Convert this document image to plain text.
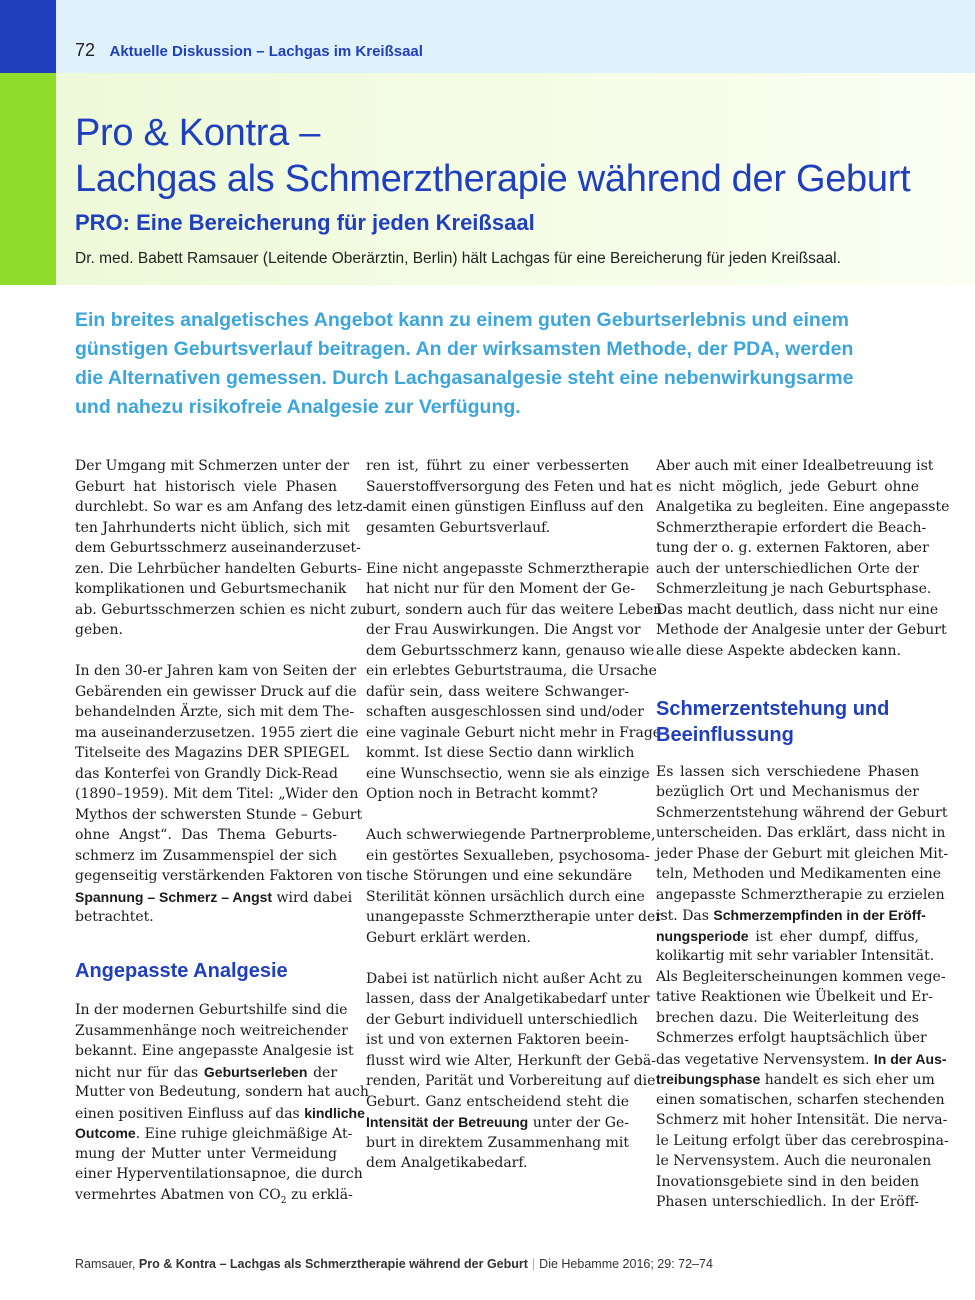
72 Aktuelle Diskussion – Lachgas im Kreißsaal
Pro & Kontra –
Lachgas als Schmerztherapie während der Geburt
PRO: Eine Bereicherung für jeden Kreißsaal
Dr. med. Babett Ramsauer (Leitende Oberärztin, Berlin) hält Lachgas für eine Bereicherung für jeden Kreißsaal.
Ein breites analgetisches Angebot kann zu einem guten Geburtserlebnis und einem
günstigen Geburtsverlauf beitragen. An der wirksamsten Methode, der PDA, werden
die Alternativen gemessen. Durch Lachgasanalgesie steht eine nebenwirkungsarme
und nahezu risikofreie Analgesie zur Verfügung.
Der Umgang mit Schmerzen unter der
Geburt hat historisch viele Phasen
durchlebt. So war es am Anfang des letz-
ten Jahrhunderts nicht üblich, sich mit
dem Geburtsschmerz auseinanderzuset-
zen. Die Lehrbücher handelten Geburts-
komplikationen und Geburtsmechanik
ab. Geburtsschmerzen schien es nicht zu
geben.
In den 30-er Jahren kam von Seiten der
Gebärenden ein gewisser Druck auf die
behandelnden Ärzte, sich mit dem The-
ma auseinanderzusetzen. 1955 ziert die
Titelseite des Magazins DER SPIEGEL
das Konterfei von Grandly Dick-Read
(1890–1959). Mit dem Titel: „Wider den
Mythos der schwersten Stunde – Geburt
ohne Angst“. Das Thema Geburts-
schmerz im Zusammenspiel der sich
gegenseitig verstärkenden Faktoren von
Spannung – Schmerz – Angst wird dabei
betrachtet.
Angepasste Analgesie
In der modernen Geburtshilfe sind die
Zusammenhänge noch weitreichender
bekannt. Eine angepasste Analgesie ist
nicht nur für das Geburtserleben der
Mutter von Bedeutung, sondern hat auch
einen positiven Einfluss auf das kindliche
Outcome. Eine ruhige gleichmäßige At-
mung der Mutter unter Vermeidung
einer Hyperventilationsapnoe, die durch
vermehrtes Abatmen von $CO_2$ zu erklä-
ren ist, führt zu einer verbesserten
Sauerstoffversorgung des Feten und hat
damit einen günstigen Einfluss auf den
gesamten Geburtsverlauf.
Eine nicht angepasste Schmerztherapie
hat nicht nur für den Moment der Ge-
burt, sondern auch für das weitere Leben
der Frau Auswirkungen. Die Angst vor
dem Geburtsschmerz kann, genauso wie
ein erlebtes Geburtstrauma, die Ursache
dafür sein, dass weitere Schwanger-
schaften ausgeschlossen sind und/oder
eine vaginale Geburt nicht mehr in Frage
kommt. Ist diese Sectio dann wirklich
eine Wunschsectio, wenn sie als einzige
Option noch in Betracht kommt?
Auch schwerwiegende Partnerprobleme,
ein gestörtes Sexualleben, psychosoma-
tische Störungen und eine sekundäre
Sterilität können ursächlich durch eine
unangepasste Schmerztherapie unter der
Geburt erklärt werden.
Dabei ist natürlich nicht außer Acht zu
lassen, dass der Analgetikabedarf unter
der Geburt individuell unterschiedlich
ist und von externen Faktoren beein-
flusst wird wie Alter, Herkunft der Gebä-
renden, Parität und Vorbereitung auf die
Geburt. Ganz entscheidend steht die
Intensität der Betreuung unter der Ge-
burt in direktem Zusammenhang mit
dem Analgetikabedarf.
Aber auch mit einer Idealbetreuung ist
es nicht möglich, jede Geburt ohne
Analgetika zu begleiten. Eine angepasste
Schmerztherapie erfordert die Beach-
tung der o. g. externen Faktoren, aber
auch der unterschiedlichen Orte der
Schmerzleitung je nach Geburtsphase.
Das macht deutlich, dass nicht nur eine
Methode der Analgesie unter der Geburt
alle diese Aspekte abdecken kann.
Schmerzentstehung und
Beeinflussung
Es lassen sich verschiedene Phasen
bezüglich Ort und Mechanismus der
Schmerzentstehung während der Geburt
unterscheiden. Das erklärt, dass nicht in
jeder Phase der Geburt mit gleichen Mit-
teln, Methoden und Medikamenten eine
angepasste Schmerztherapie zu erzielen
ist. Das Schmerzempfinden in der Eröff-
nungsperiode ist eher dumpf, diffus,
kolikartig mit sehr variabler Intensität.
Als Begleiterscheinungen kommen vege-
tative Reaktionen wie Übelkeit und Er-
brechen dazu. Die Weiterleitung des
Schmerzes erfolgt hauptsächlich über
das vegetative Nervensystem. In der Aus-
treibungsphase handelt es sich eher um
einen somatischen, scharfen stechenden
Schmerz mit hoher Intensität. Die nerva-
le Leitung erfolgt über das cerebrospina-
le Nervensystem. Auch die neuronalen
Inovationsgebiete sind in den beiden
Phasen unterschiedlich. In der Eröff-
Ramsauer, Pro & Kontra – Lachgas als Schmerztherapie während der Geburt | Die Hebamme 2016; 29: 72–74
